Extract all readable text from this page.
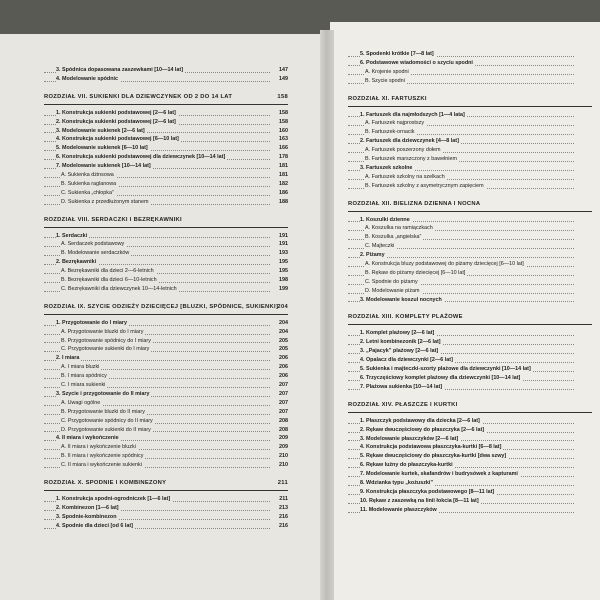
3. Spódnica dopasowana zaszewkami [10—14 lat]	147
4. Modelowanie spódnic	149
ROZDZIAŁ VII. SUKIENKI DLA DZIEWCZYNEK OD 2 DO 14 LAT	158
1. Konstrukcja sukienki podstawowej [2—6 lat]	158
2. Konstrukcja sukienki podstawowej [2—6 lat]	158
3. Modelowanie sukienek [2—6 lat]	160
4. Konstrukcja sukienki podstawowej [6—10 lat]	163
5. Modelowanie sukienek [6—10 lat]	166
6. Konstrukcja sukienki podstawowej dla dziewczynek [10—14 lat]	178
7. Modelowanie sukienek [10—14 lat]	181
A. Sukienka dżinsowa	181
B. Sukienka raglanowa	182
C. Sukienka „chłopka”	186
D. Sukienka z przedłużonym stanem	188
ROZDZIAŁ VIII. SERDACZKI I BEZRĘKAWNIKI
1. Serdaczki	191
A. Serdaczek podstawowy	191
B. Modelowanie serdaczków	193
2. Bezrękawniki	195
A. Bezrękawniki dla dzieci 2—6-letnich	195
B. Bezrękawniki dla dzieci 6—10-letnich	198
C. Bezrękawniki dla dziewczynek 10—14-letnich	199
ROZDZIAŁ IX. SZYCIE ODZIEŻY DZIECIĘCEJ [BLUZKI, SPÓDNICE, SUKIENKI] 204
1. Przygotowanie do I miary	204
A. Przygotowanie bluzki do I miary	204
B. Przygotowanie spódnicy do I miary	205
C. Przygotowanie sukienki do I miary	205
2. I miara	206
A. I miara bluzki	206
B. I miara spódnicy	206
C. I miara sukienki	207
3. Szycie i przygotowanie do II miary	207
A. Uwagi ogólne	207
B. Przygotowanie bluzki do II miary	207
C. Przygotowanie spódnicy do II miary	208
D. Przygotowanie sukienki do II miary	208
4. II miara i wykończenie	209
A. II miara i wykończenie bluzki	209
B. II miara i wykończenie spódnicy	210
C. II miara i wykończenie sukienki	210
ROZDZIAŁ X. SPODNIE I KOMBINEZONY	211
1. Konstrukcja spodni-ogrodniczek [1—6 lat]	211
2. Kombinezon [1—6 lat]	213
3. Spodnie-kombinezon	216
4. Spodnie dla dzieci [od 6 lat]	216
5. Spodenki krótkie [7—8 lat]
6. Podstawowe wiadomości o szyciu spodni
A. Krojenie spodni
B. Szycie spodni
ROZDZIAŁ XI. FARTUSZKI
1. Fartuszek dla najmłodszych [1—4 lata]
A. Fartuszek najprostszy
B. Fartuszek-ornacik
2. Fartuszek dla dziewczynek [4—8 lat]
A. Fartuszek poszerzony dołem
B. Fartuszek marszczony z bawełniem
3. Fartuszek szkolne
A. Fartuszek szkolny na szelkach
B. Fartuszek szkolny z asymetrycznym zapięciem
ROZDZIAŁ XII. BIELIZNA DZIENNA I NOCNA
1. Koszulki dzienne
A. Koszulka na ramiączkach
B. Koszulka „angielska”
C. Majteczki
2. Piżamy
A. Konstrukcja bluzy podstawowej do piżamy dziecięcej [6—10 lat]
B. Rękaw do piżamy dziecięcej [6—10 lat]
C. Spodnie do piżamy
D. Modelowanie piżam
3. Modelowanie koszul nocnych
ROZDZIAŁ XIII. KOMPLETY PLAŻOWE
1. Komplet plażowy [2—6 lat]
2. Letni kombinezonik [2—6 lat]
3. „Pajacyk” plażowy [2—6 lat]
4. Opalacz dla dziewczynki [2—6 lat]
5. Sukienka i majteczki-szorty plażowe dla dziewczynki [10—14 lat]
6. Trzyczęściowy komplet plażowy dla dziewczynki [10—14 lat]
7. Plażowa sukienka [10—14 lat]
ROZDZIAŁ XIV. PŁASZCZE I KURTKI
1. Płaszczyk podstawowy dla dziecka [2—6 lat]
2. Rękaw dwuczęściowy do płaszczyka [2—6 lat]
3. Modelowanie płaszczyków [2—6 lat]
4. Konstrukcja podstawowa płaszczyka-kurtki [6—8 lat]
5. Rękaw dwuczęściowy do płaszczyka-kurtki [dwa szwy]
6. Rękaw luźny do płaszczyka-kurtki
7. Modelowanie kurtek, skafandrów i budrysówek z kapturami
8. Wdzianka typu „kożuszki”
9. Konstrukcja płaszczyka podstawowego [8—11 lat]
10. Rękaw z zaszewką na linii łokcia [8—11 lat]
11. Modelowanie płaszczyków
